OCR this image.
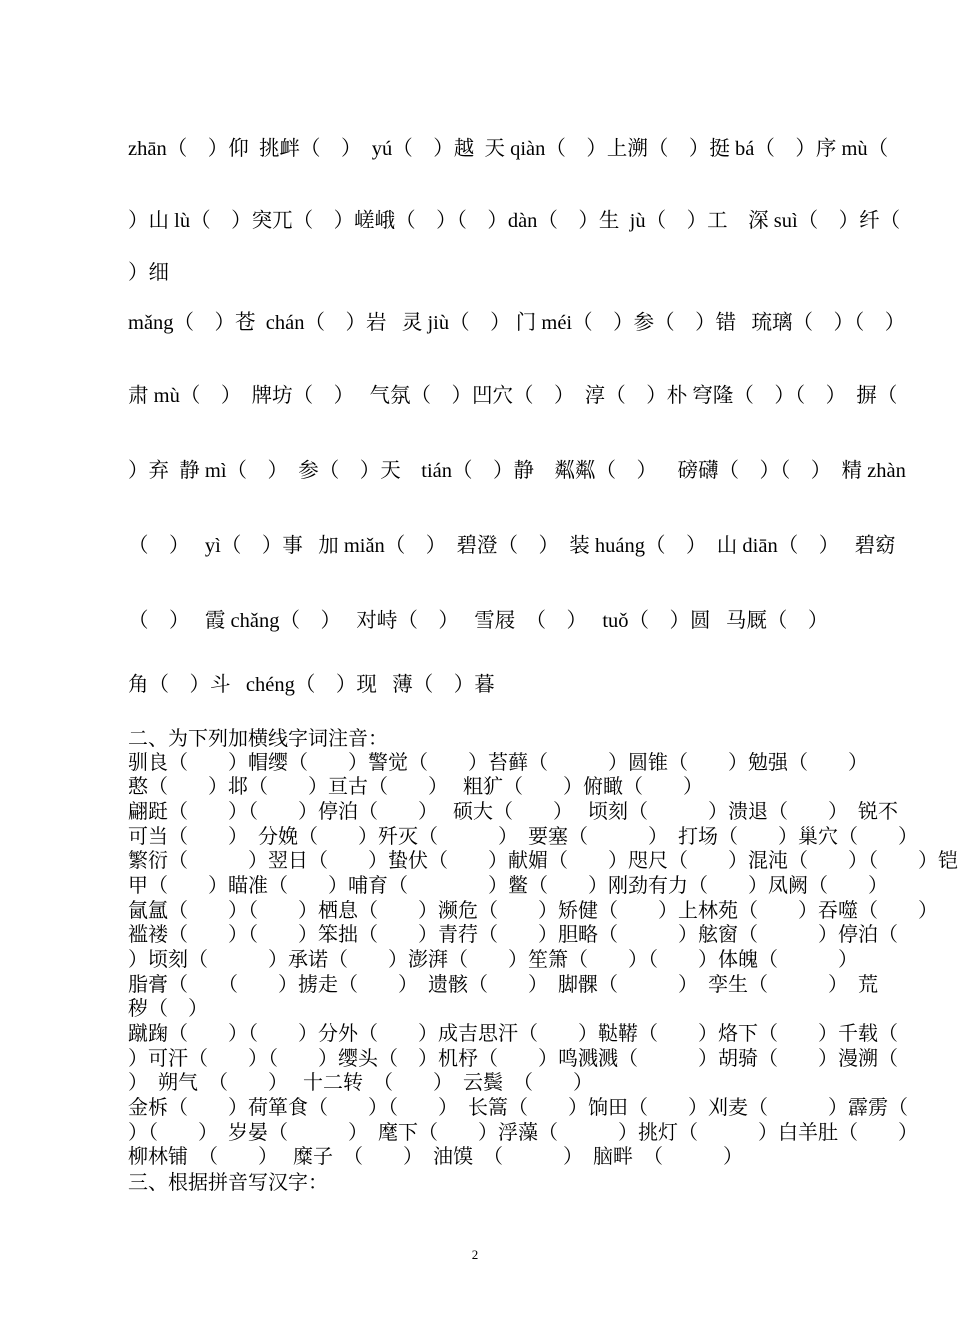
zhān（　）仰  挑衅（　）  yú（　）越  天 qiàn（　）上溯（　）挺 bá（　）序 mù（
）山 lù（　）突兀（　）嵯峨（　）（　）dàn（　）生  jù（　）工    深 suì（　）纤（
）细
mǎng（　）苍  chán（　）岩   灵 jiù（　） 门 méi（　）参（　）错   琉璃（　）（　）
肃 mù（　）  牌坊（　）   气氛（　）凹穴（　）  淳（　）朴 穹隆（　）（　）  摒（
）弃  静 mì（　）  参（　）天    tián（　）静    粼粼（　）    磅礴（　）（　）  精 zhàn
（　）   yì（　）事   加 miǎn（　）  碧澄（　）  装 huáng（　）  山 diān（　）   碧窈
（　）   霞 chǎng（　）   对峙（　）   雪屐  （　）   tuǒ（　）圆   马厩（　）
角（　）斗   chéng（　）现   薄（　）暮
二、为下列加横线字词注音：
驯良（　　）帽缨（　　）警觉（　　）苔藓（　　　）圆锥（　　）勉强（　　）
憨（　　）邶（　　）亘古（　　）   粗犷（　　）俯瞰（　　）
翩跹（　　）（　　）停泊（　　）   硕大（　　）   顷刻（　　　）溃退（　　）  锐不
可当（　　）  分娩（　　）歼灭（　　　）  要塞（　　　）  打场（　　）巢穴（　　）
繁衍（　　　）翌日（　　）蛰伏（　　）献媚（　　）咫尺（　　）混沌（　　）（　　）铠
甲（　　）瞄准（　　）哺育（　　　　）鳖（　　）刚劲有力（　　）凤阙（　　）
氤氲（　　）（　　）栖息（　　）濒危（　　）矫健（　　）上林苑（　　）吞噬（　　）
褴褛（　　）（　　）笨拙（　　）青荇（　　）胆略（　　　）舷窗（　　　）停泊（
）顷刻（　　　）承诺（　　）澎湃（　　）笙箫（　　）（　　）体魄（　　　）
脂膏（　　（　　）掳走（　　）  遗骸（　　）  脚髁（　　　）  孪生（　　　）  荒
秽（　）
蹴踘（　　）（　　）分外（　　）成吉思汗（　　）鞑鞯（　　）烙下（　　）千载（
）可汗（　　）（　　）缨头（　）机杼（　　）鸣溅溅（　　　）胡骑（　　）漫溯（
）  朔气  （　　）   十二转  （　　）  云鬓  （　　）
金柝（　　）荷箪食（　　）（　　）  长篙（　　）饷田（　　）刈麦（　　　）霹雳（
）（　　）  岁晏（　　　）  麾下（　　）浮藻（　　　）挑灯（　　　）白羊肚（　　）
柳林铺  （　　）   糜子  （　　）  油馍  （　　　）  脑畔  （　　　）
三、根据拼音写汉字：
2
